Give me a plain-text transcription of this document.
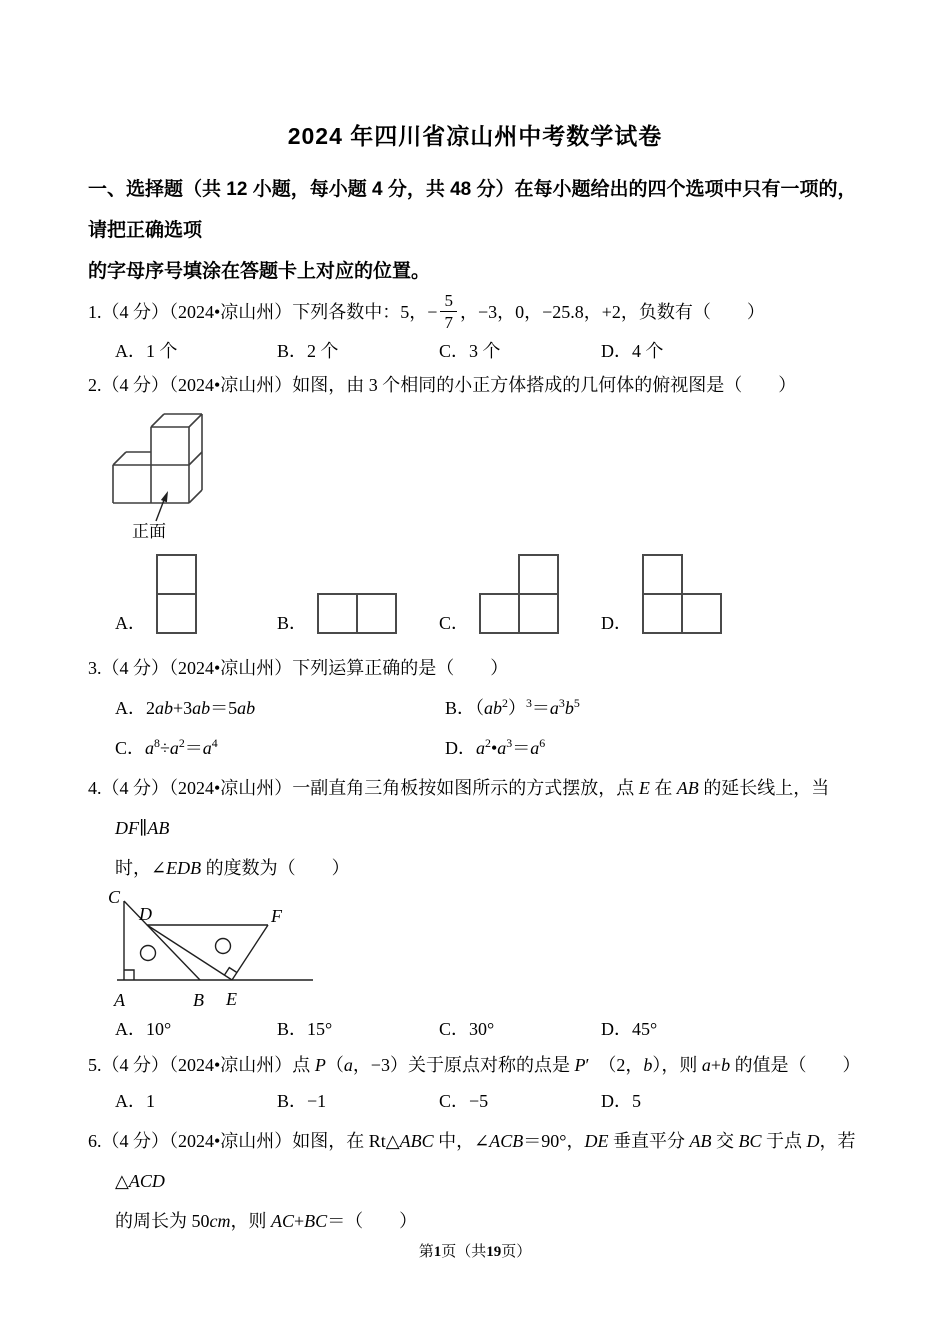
2024 年四川省凉山州中考数学试卷

一、选择题（共 12 小题，每小题 4 分，共 48 分）在每小题给出的四个选项中只有一项的，请把正确选项
的字母序号填涂在答题卡上对应的位置。

1.（4 分）（2024•凉山州）下列各数中：5，− $\frac{5}{7}$ ，−3，0，−25.8，+2，负数有（　　）

A．1 个	B．2 个	C．3 个	D．4 个

2.（4 分）（2024•凉山州）如图，由 3 个相同的小正方体搭成的几何体的俯视图是（　　）

正面
A．	B．	C．	D．

3.（4 分）（2024•凉山州）下列运算正确的是（　　）

A．2ab+3ab＝5ab	B．$(ab^2)^3=a^3b^5$
C．$a^8\div a^2=a^4$	D．$a^2•a^3=a^6$

4.（4 分）（2024•凉山州）一副直角三角板按如图所示的方式摆放，点 E 在 AB 的延长线上，当 DF∥AB
时，∠EDB 的度数为（　　）

C
D	F
A	B E
A．10°	B．15°	C．30°	D．45°

5.（4 分）（2024•凉山州）点 P（a，−3）关于原点对称的点是 P′　（2，b），则 a+b 的值是（　　）

A．1	B．−1	C．−5	D．5

6.（4 分）（2024•凉山州）如图，在 Rt△ABC 中，∠ACB＝90°，DE 垂直平分 AB 交 BC 于点 D，若△ACD
的周长为 50cm，则 AC+BC＝（　　）

第1页（共19页）
